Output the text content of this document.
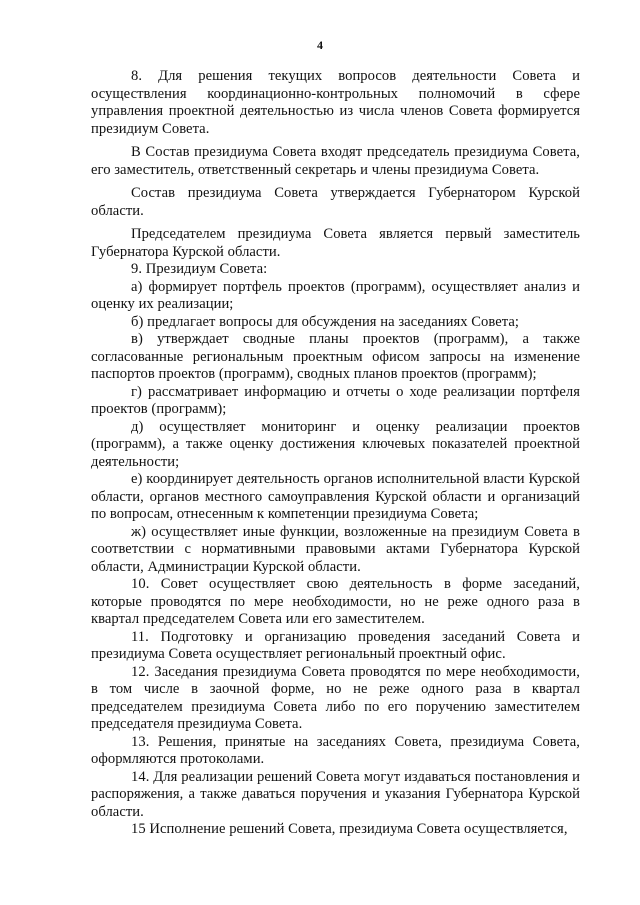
4

8. Для решения текущих вопросов деятельности Совета и осуществления координационно-контрольных полномочий в сфере управления проектной деятельностью из числа членов Совета формируется президиум Совета.

В Состав президиума Совета входят председатель президиума Совета, его заместитель, ответственный секретарь и члены президиума Совета.

Состав президиума Совета утверждается Губернатором Курской области.

Председателем президиума Совета является первый заместитель Губернатора Курской области.

9. Президиум Совета:

а) формирует портфель проектов (программ), осуществляет анализ и оценку их реализации;

б) предлагает вопросы для обсуждения на заседаниях Совета;

в) утверждает сводные планы проектов (программ), а также согласованные региональным проектным офисом запросы на изменение паспортов проектов (программ), сводных планов проектов (программ);

г) рассматривает информацию и отчеты о ходе реализации портфеля проектов (программ);

д) осуществляет мониторинг и оценку реализации проектов (программ), а также оценку достижения ключевых показателей проектной деятельности;

е) координирует деятельность органов исполнительной власти Курской области, органов местного самоуправления Курской области и организаций по вопросам, отнесенным к компетенции президиума Совета;

ж) осуществляет иные функции, возложенные на президиум Совета в соответствии с нормативными правовыми актами Губернатора Курской области, Администрации Курской области.

10. Совет осуществляет свою деятельность в форме заседаний, которые проводятся по мере необходимости, но не реже одного раза в квартал председателем Совета или его заместителем.

11. Подготовку и организацию проведения заседаний Совета и президиума Совета осуществляет региональный проектный офис.

12. Заседания президиума Совета проводятся по мере необходимости, в том числе в заочной форме, но не реже одного раза в квартал председателем президиума Совета либо по его поручению заместителем председателя президиума Совета.

13. Решения, принятые на заседаниях Совета, президиума Совета, оформляются протоколами.

14. Для реализации решений Совета могут издаваться постановления и распоряжения, а также даваться поручения и указания Губернатора Курской области.

15 Исполнение решений Совета, президиума Совета осуществляется,
